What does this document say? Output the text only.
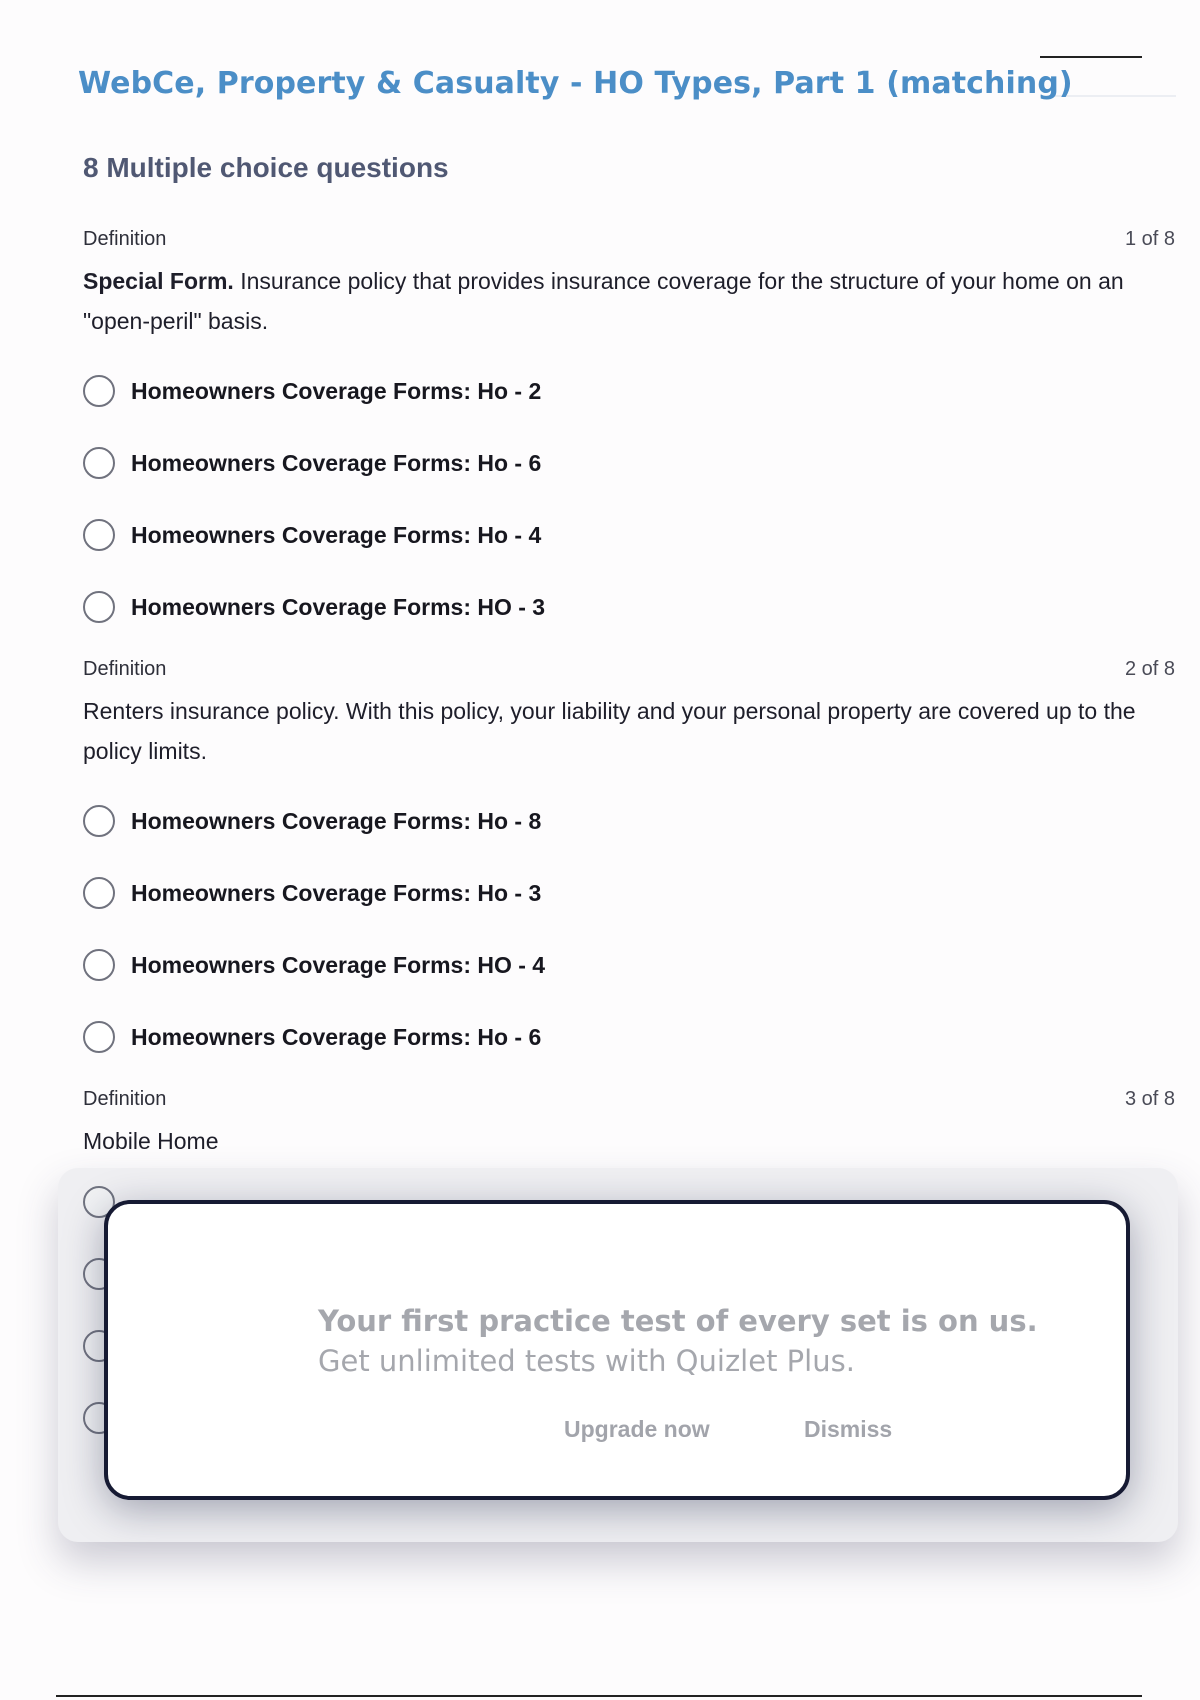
WebCe, Property & Casualty - HO Types, Part 1 (matching)
8 Multiple choice questions
Definition	1 of 8
Special Form. Insurance policy that provides insurance coverage for the structure of your home on an "open-peril" basis.
Homeowners Coverage Forms: Ho - 2
Homeowners Coverage Forms: Ho - 6
Homeowners Coverage Forms: Ho - 4
Homeowners Coverage Forms: HO - 3
Definition	2 of 8
Renters insurance policy. With this policy, your liability and your personal property are covered up to the policy limits.
Homeowners Coverage Forms: Ho - 8
Homeowners Coverage Forms: Ho - 3
Homeowners Coverage Forms: HO - 4
Homeowners Coverage Forms: Ho - 6
Definition	3 of 8
Mobile Home
Your first practice test of every set is on us.
Get unlimited tests with Quizlet Plus.
Upgrade now	Dismiss
